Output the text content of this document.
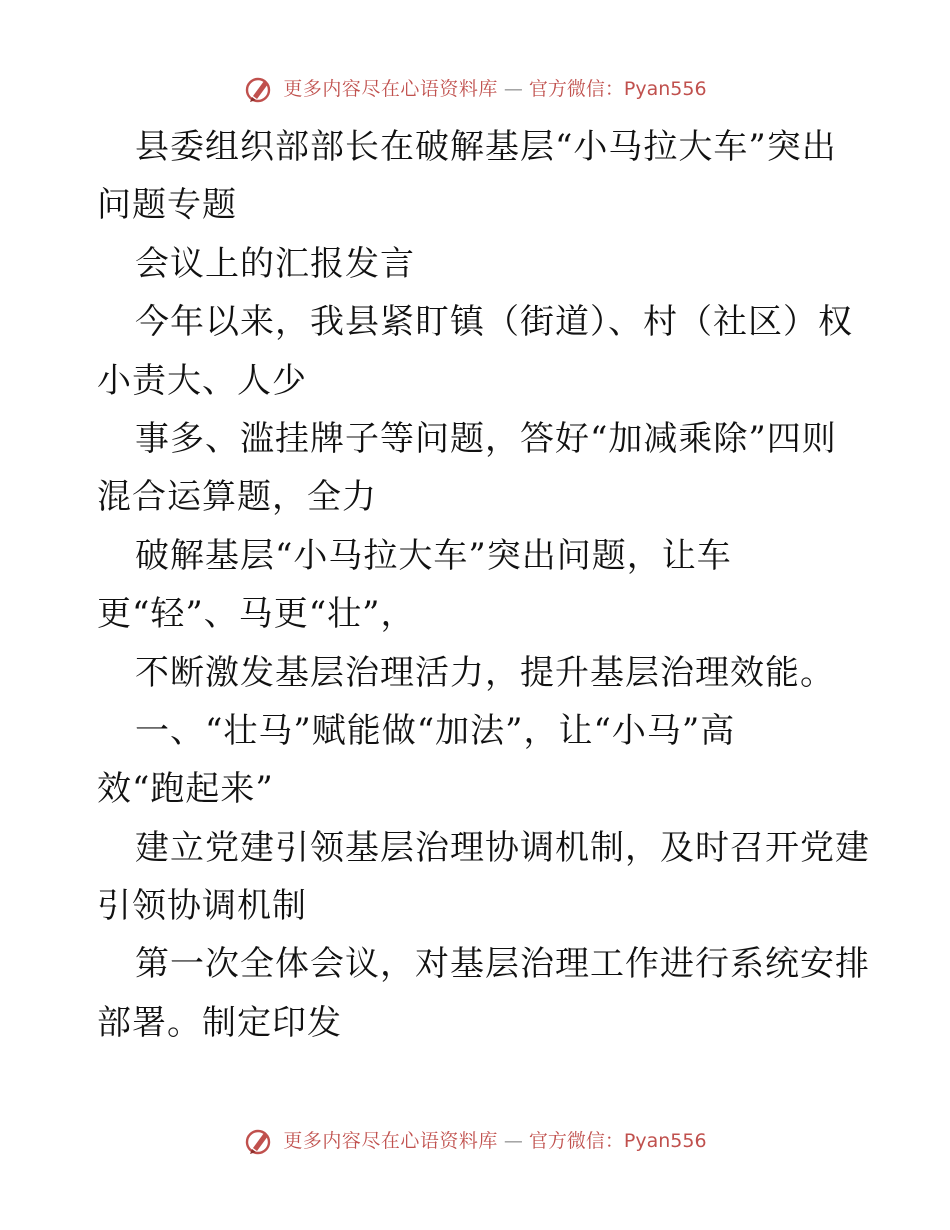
更多内容尽在心语资料库 — 官方微信：Pyan556
县委组织部部长在破解基层“小马拉大车”突出
问题专题
会议上的汇报发言
今年以来，我县紧盯镇（街道）、村（社区）权
小责大、人少
事多、滥挂牌子等问题，答好“加减乘除”四则
混合运算题，全力
破解基层“小马拉大车”突出问题，让车
更“轻”、马更“壮”，
不断激发基层治理活力，提升基层治理效能。
一、“壮马”赋能做“加法”，让“小马”高
效“跑起来”
建立党建引领基层治理协调机制，及时召开党建
引领协调机制
第一次全体会议，对基层治理工作进行系统安排
部署。制定印发
更多内容尽在心语资料库 — 官方微信：Pyan556
